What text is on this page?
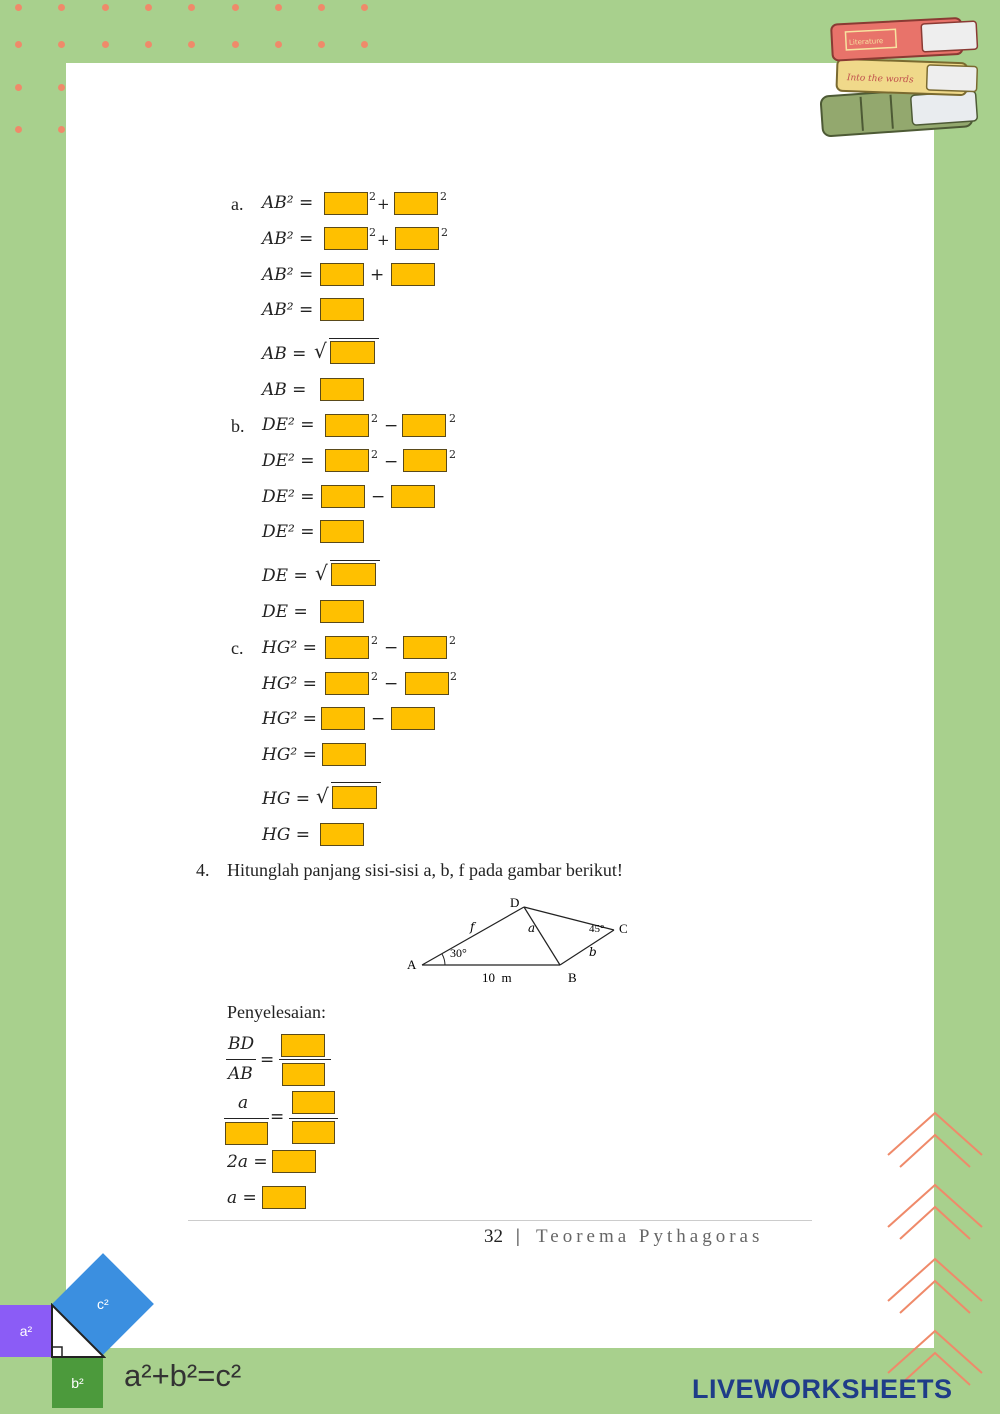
Into the words
Literature
a. AB² =	2 +	2
AB² =	2 +	2
AB² =	+
AB² =
AB = √
AB =
b. DE² =	2 −	2
DE² =	2 −	2
DE² =	−
DE² =
DE = √
DE =
c. HG² =	2 −	2
HG² =	2 −	2
HG² =	−
HG² =
HG = √
HG =
4. Hitunglah panjang sisi-sisi a, b, f pada gambar berikut!
A
B
C
D
f	a
b
30°
45°
10  m
Penyelesaian:
BD
AB
=
a
=
2a =
a =
32 | Teorema Pythagoras
a²
b²
c²
a²+b²=c²	LIVEWORKSHEETS
